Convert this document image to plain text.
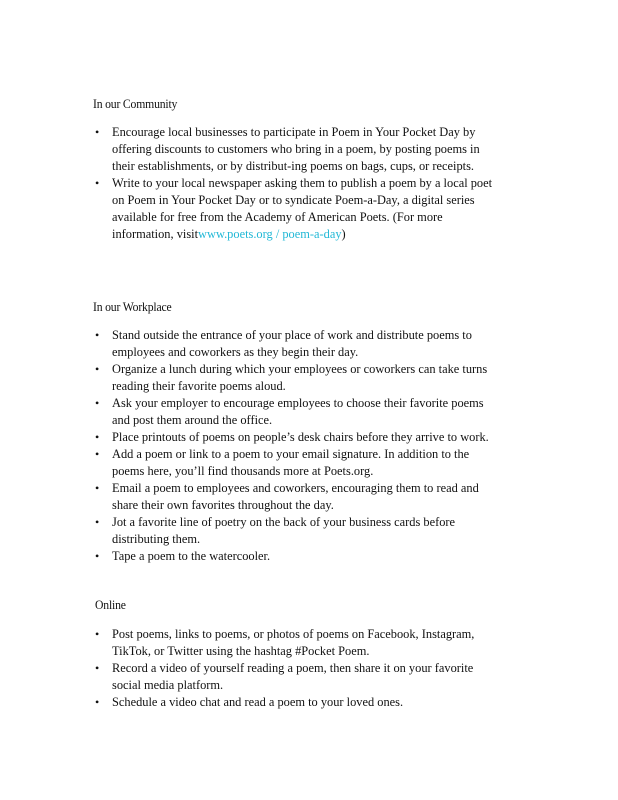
In our Community
• Encourage local businesses to participate in Poem in Your Pocket Day by offering discounts to customers who bring in a poem, by posting poems in their establishments, or by distribut-ing poems on bags, cups, or receipts.
• Write to your local newspaper asking them to publish a poem by a local poet on Poem in Your Pocket Day or to syndicate Poem-a-Day, a digital series available for free from the Academy of American Poets. (For more information, visitwww.poets.org / poem-a-day)
In our Workplace
• Stand outside the entrance of your place of work and distribute poems to employees and coworkers as they begin their day.
• Organize a lunch during which your employees or coworkers can take turns reading their favorite poems aloud.
• Ask your employer to encourage employees to choose their favorite poems and post them around the office.
• Place printouts of poems on people’s desk chairs before they arrive to work.
• Add a poem or link to a poem to your email signature. In addition to the poems here, you’ll find thousands more at Poets.org.
• Email a poem to employees and coworkers, encouraging them to read and share their own favorites throughout the day.
• Jot a favorite line of poetry on the back of your business cards before distributing them.
• Tape a poem to the watercooler.
Online
• Post poems, links to poems, or photos of poems on Facebook, Instagram, TikTok, or Twitter using the hashtag #Pocket Poem.
• Record a video of yourself reading a poem, then share it on your favorite social media platform.
• Schedule a video chat and read a poem to your loved ones.
